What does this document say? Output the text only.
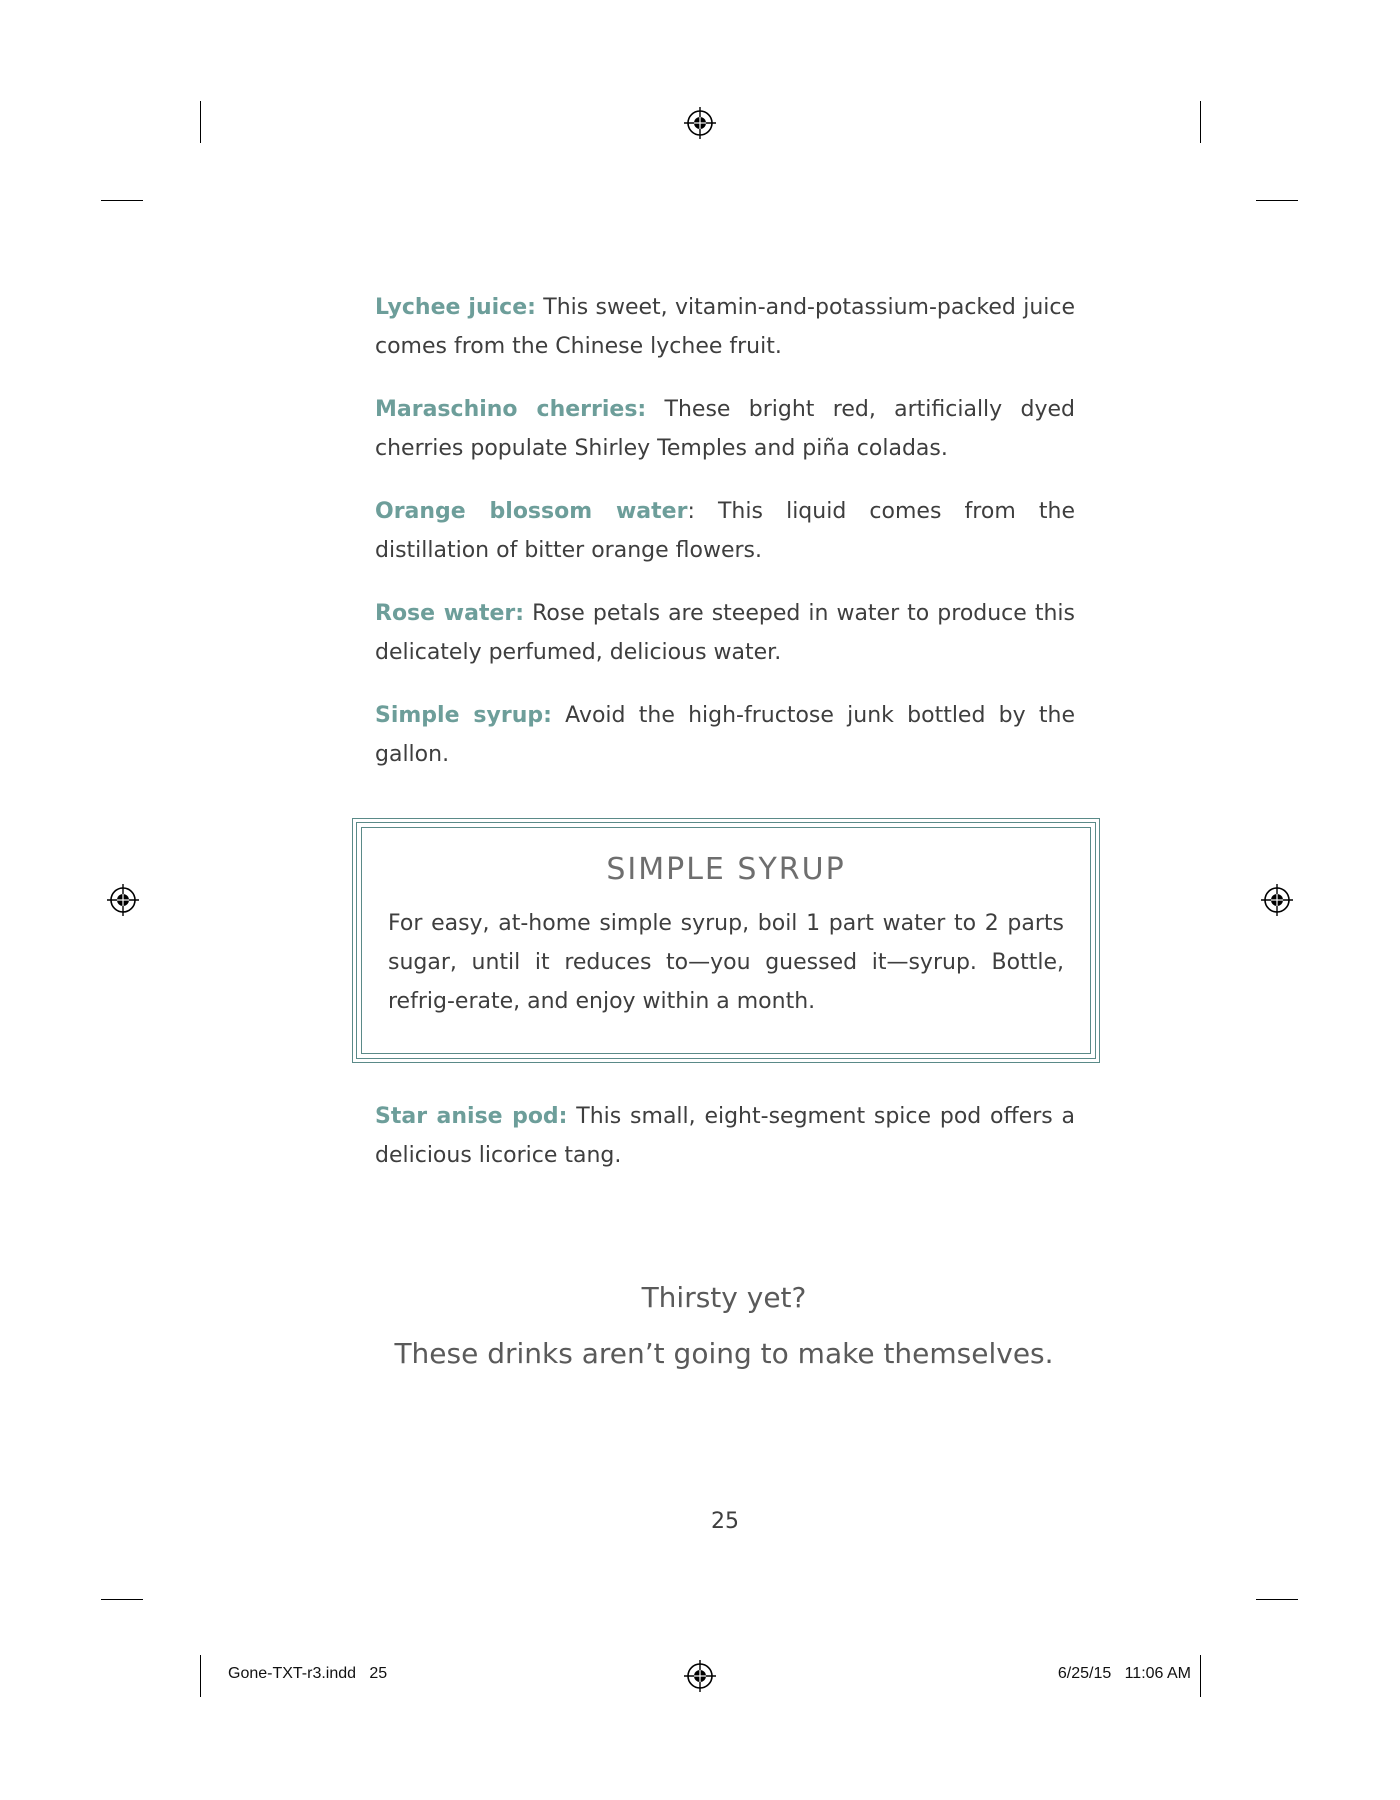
Lychee juice: This sweet, vitamin-and-potassium-packed juice comes from the Chinese lychee fruit.

Maraschino cherries: These bright red, artificially dyed cherries populate Shirley Temples and piña coladas.

Orange blossom water: This liquid comes from the distillation of bitter orange flowers.

Rose water: Rose petals are steeped in water to produce this delicately perfumed, delicious water.

Simple syrup: Avoid the high-fructose junk bottled by the gallon.

SIMPLE SYRUP

For easy, at-home simple syrup, boil 1 part water to 2 parts sugar, until it reduces to—you guessed it—syrup. Bottle, refrig-erate, and enjoy within a month.

Star anise pod: This small, eight-segment spice pod offers a delicious licorice tang.

Thirsty yet?
These drinks aren’t going to make themselves.
25
Gone-TXT-r3.indd   25	6/25/15   11:06 AM
